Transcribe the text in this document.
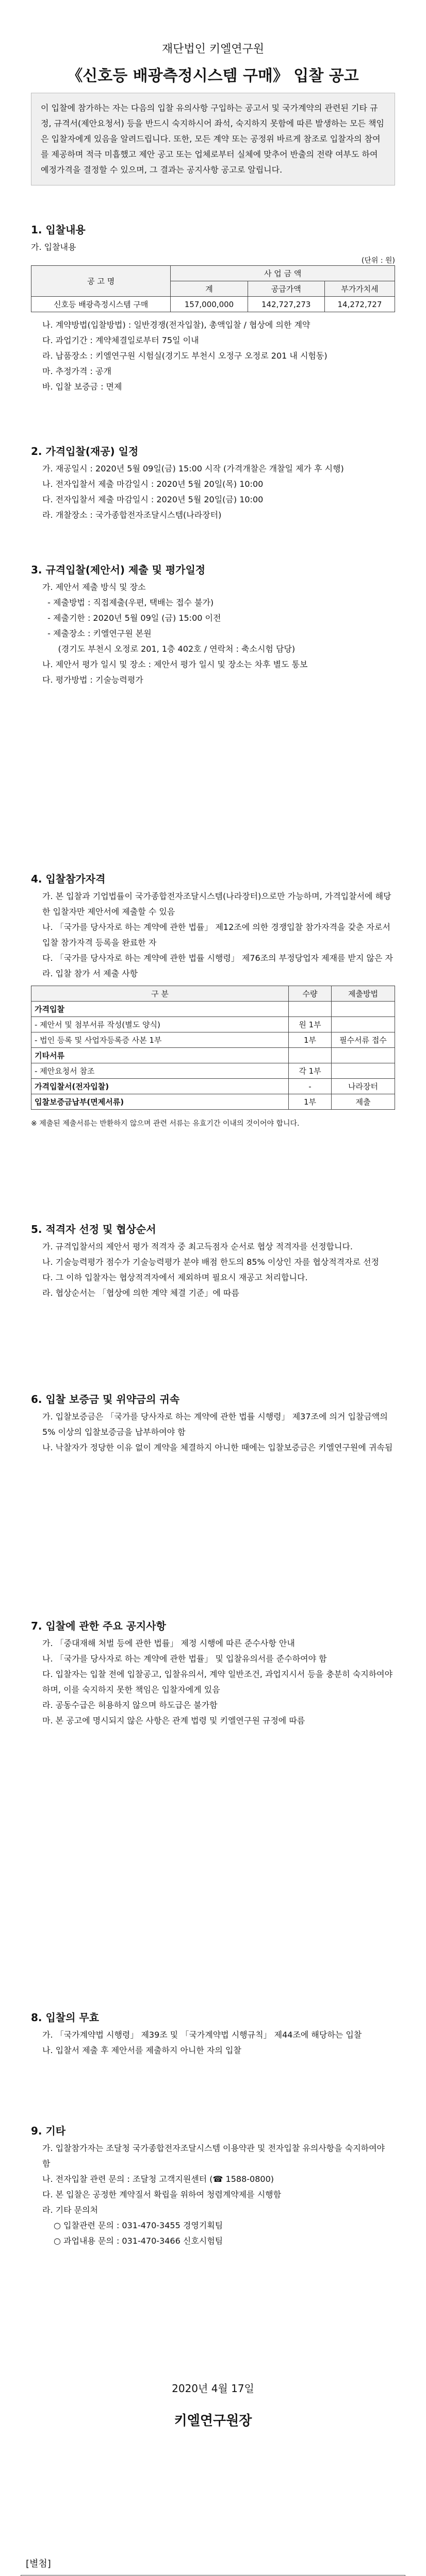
재단법인 키엘연구원
《신호등 배광측정시스템 구매》 입찰 공고
이 입찰에 참가하는 자는 다음의 입찰 유의사항 구입하는 공고서 및 국가계약의 관련된 기타 규정, 규격서(제안요청서) 등을 반드시 숙지하시어 좌석, 숙지하지 못함에 따른 발생하는 모든 책임은 입찰자에게 있음을 알려드립니다. 또한, 모든 계약 또는 공정위 바르게 참조로 입찰자의 참여를 제공하며 적극 미흡했고 제안 공고 또는 업체로부터 실체에 맞추어 반출의 전략 여부도 하여 예정가격을 결정할 수 있으며, 그 결과는 공지사항 공고로 알립니다.

1. 입찰내용

가. 입찰내용

(단위 : 원)
공 고 명	사 업 금 액		
	계	공급가액	부가가치세
신호등 배광측정시스템 구매	157,000,000	142,727,273	14,272,727

나. 계약방법(입찰방법) : 일반경쟁(전자입찰), 총액입찰 / 협상에 의한 계약

다. 과업기간 : 계약체결일로부터 75일 이내

라. 납품장소 : 키엘연구원 시험실(경기도 부천시 오정구 오정로 201 내 시험동)

마. 추정가격 : 공개

바. 입찰 보증금 : 면제

2. 가격입찰(재공) 일정

가. 재공일시 : 2020년 5월 09일(금) 15:00 시작 (가격개찰은 개찰일 제가 후 시행)

나. 전자입찰서 제출 마감일시 : 2020년 5월 20일(목) 10:00

다. 전자입찰서 제출 마감일시 : 2020년 5월 20일(금) 10:00

라. 개찰장소 : 국가종합전자조달시스템(나라장터)

3. 규격입찰(제안서) 제출 및 평가일정

가. 제안서 제출 방식 및 장소

- 제출방법 : 직접제출(우편, 택배는 접수 불가)

- 제출기한 : 2020년 5월 09일 (금) 15:00 이전

- 제출장소 : 키엘연구원 본원

(경기도 부천시 오정로 201, 1층 402호 / 연락처 : 축소시험 담당)

나. 제안서 평가 일시 및 장소 : 제안서 평가 일시 및 장소는 차후 별도 통보

다. 평가방법 : 기술능력평가

4. 입찰참가자격

가. 본 입찰과 기업법률이 국가종합전자조달시스템(나라장터)으로만 가능하며, 가격입찰서에 해당한 입찰자만 제안서에 제출할 수 있음

나. 「국가를 당사자로 하는 계약에 관한 법률」 제12조에 의한 경쟁입찰 참가자격을 갖춘 자로서 입찰 참가자격 등록을 완료한 자

다. 「국가를 당사자로 하는 계약에 관한 법률 시행령」 제76조의 부정당업자 제재를 받지 않은 자

라. 입찰 참가 서 제출 사항

구 분	수량	제출방법
가격입찰		
- 제안서 및 첨부서류 작성(별도 양식)	원 1부	
- 법인 등록 및 사업자등록증 사본 1부	1부	필수서류 접수
기타서류		
- 제안요청서 참조	각 1부	
가격입찰서(전자입찰)	-	나라장터
입찰보증금납부(면제서류)	1부	제출

※ 제출된 제출서류는 반환하지 않으며 관련 서류는 유효기간 이내의 것이어야 합니다.

5. 적격자 선정 및 협상순서

가. 규격입찰서의 제안서 평가 적격자 중 최고득점자 순서로 협상 적격자를 선정합니다.

나. 기술능력평가 점수가 기술능력평가 분야 배점 한도의 85% 이상인 자를 협상적격자로 선정

다. 그 이하 입찰자는 협상적격자에서 제외하며 필요시 재공고 처리합니다.

라. 협상순서는 「협상에 의한 계약 체결 기준」에 따름

6. 입찰 보증금 및 위약금의 귀속

가. 입찰보증금은 「국가를 당사자로 하는 계약에 관한 법률 시행령」 제37조에 의거 입찰금액의 5% 이상의 입찰보증금을 납부하여야 함

나. 낙찰자가 정당한 이유 없이 계약을 체결하지 아니한 때에는 입찰보증금은 키엘연구원에 귀속됨

7. 입찰에 관한 주요 공지사항

가. 「중대재해 처벌 등에 관한 법률」 제정 시행에 따른 준수사항 안내

나. 「국가를 당사자로 하는 계약에 관한 법률」 및 입찰유의서를 준수하여야 함

다. 입찰자는 입찰 전에 입찰공고, 입찰유의서, 계약 일반조건, 과업지시서 등을 충분히 숙지하여야 하며, 이를 숙지하지 못한 책임은 입찰자에게 있음

라. 공동수급은 허용하지 않으며 하도급은 불가함

마. 본 공고에 명시되지 않은 사항은 관계 법령 및 키엘연구원 규정에 따름

8. 입찰의 무효

가. 「국가계약법 시행령」 제39조 및 「국가계약법 시행규칙」 제44조에 해당하는 입찰

나. 입찰서 제출 후 제안서를 제출하지 아니한 자의 입찰

9. 기타

가. 입찰참가자는 조달청 국가종합전자조달시스템 이용약관 및 전자입찰 유의사항을 숙지하여야 함

나. 전자입찰 관련 문의 : 조달청 고객지원센터 (☎ 1588-0800)

다. 본 입찰은 공정한 계약질서 확립을 위하여 청렴계약제를 시행함

라. 기타 문의처

○ 입찰관련 문의 : 031-470-3455 경영기획팀

○ 과업내용 문의 : 031-470-3466 신호시험팀

2020년 4월 17일
키엘연구원장
[별첨]
